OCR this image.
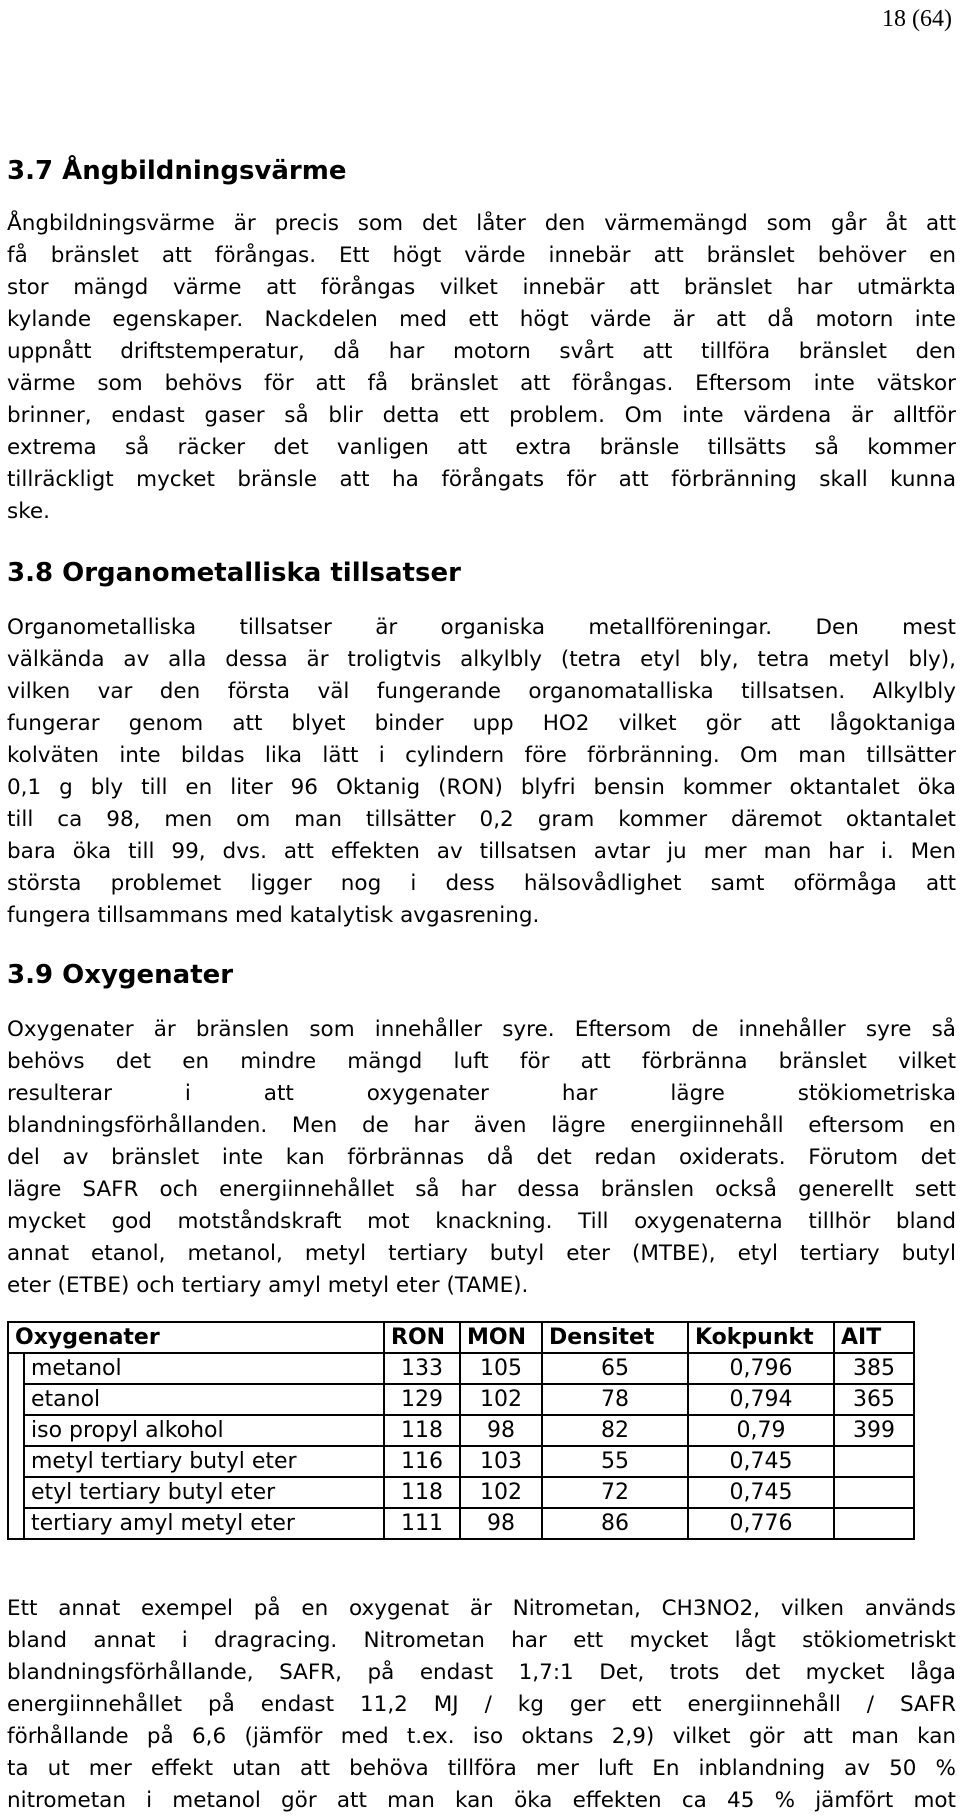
18 (64)
3.7 Ångbildningsvärme
Ångbildningsvärme är precis som det låter den värmemängd som går åt att
få bränslet att förångas. Ett högt värde innebär att bränslet behöver en
stor mängd värme att förångas vilket innebär att bränslet har utmärkta
kylande egenskaper. Nackdelen med ett högt värde är att då motorn inte
uppnått driftstemperatur, då har motorn svårt att tillföra bränslet den
värme som behövs för att få bränslet att förångas. Eftersom inte vätskor
brinner, endast gaser så blir detta ett problem. Om inte värdena är alltför
extrema så räcker det vanligen att extra bränsle tillsätts så kommer
tillräckligt mycket bränsle att ha förångats för att förbränning skall kunna
ske.
3.8 Organometalliska tillsatser
Organometalliska tillsatser är organiska metallföreningar. Den mest
välkända av alla dessa är troligtvis alkylbly (tetra etyl bly, tetra metyl bly),
vilken var den första väl fungerande organomatalliska tillsatsen. Alkylbly
fungerar genom att blyet binder upp HO2 vilket gör att lågoktaniga
kolväten inte bildas lika lätt i cylindern före förbränning. Om man tillsätter
0,1 g bly till en liter 96 Oktanig (RON) blyfri bensin kommer oktantalet öka
till ca 98, men om man tillsätter 0,2 gram kommer däremot oktantalet
bara öka till 99, dvs. att effekten av tillsatsen avtar ju mer man har i. Men
största problemet ligger nog i dess hälsovådlighet samt oförmåga att
fungera tillsammans med katalytisk avgasrening.
3.9 Oxygenater
Oxygenater är bränslen som innehåller syre. Eftersom de innehåller syre så
behövs det en mindre mängd luft för att förbränna bränslet vilket
resulterar i att oxygenater har lägre stökiometriska
blandningsförhållanden. Men de har även lägre energiinnehåll eftersom en
del av bränslet inte kan förbrännas då det redan oxiderats. Förutom det
lägre SAFR och energiinnehållet så har dessa bränslen också generellt sett
mycket god motståndskraft mot knackning. Till oxygenaterna tillhör bland
annat etanol, metanol, metyl tertiary butyl eter (MTBE), etyl tertiary butyl
eter (ETBE) och tertiary amyl metyl eter (TAME).
Oxygenater		RON	MON	Densitet	Kokpunkt	AIT
	metanol	133	105	65	0,796	385
	etanol	129	102	78	0,794	365
	iso propyl alkohol	118	98	82	0,79	399
	metyl tertiary butyl eter	116	103	55	0,745	
	etyl tertiary butyl eter	118	102	72	0,745	
	tertiary amyl metyl eter	111	98	86	0,776	
Ett annat exempel på en oxygenat är Nitrometan, CH3NO2, vilken används
bland annat i dragracing. Nitrometan har ett mycket lågt stökiometriskt
blandningsförhållande, SAFR, på endast 1,7:1 Det, trots det mycket låga
energiinnehållet på endast 11,2 MJ / kg ger ett energiinnehåll / SAFR
förhållande på 6,6 (jämför med t.ex. iso oktans 2,9) vilket gör att man kan
ta ut mer effekt utan att behöva tillföra mer luft En inblandning av 50 %
nitrometan i metanol gör att man kan öka effekten ca 45 % jämfört mot
